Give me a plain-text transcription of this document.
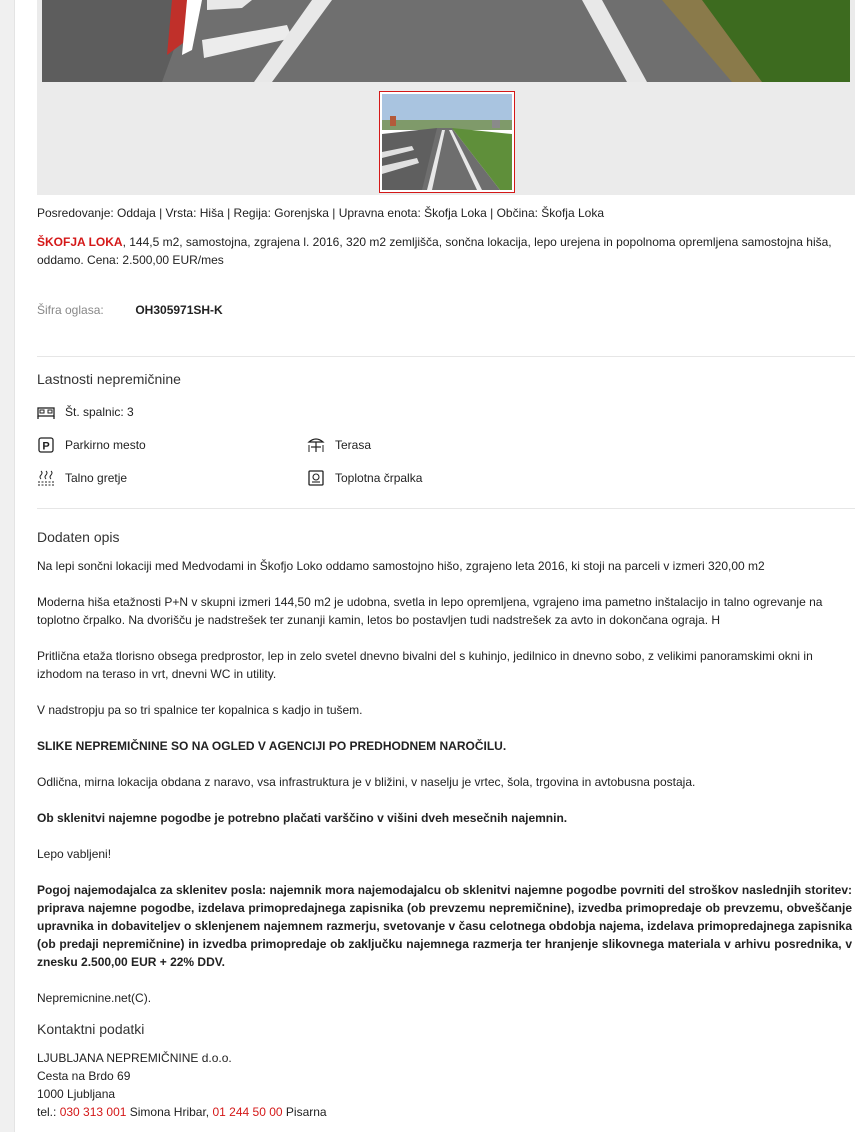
Posredovanje: Oddaja | Vrsta: Hiša | Regija: Gorenjska | Upravna enota: Škofja Loka | Občina: Škofja Loka
ŠKOFJA LOKA, 144,5 m2, samostojna, zgrajena l. 2016, 320 m2 zemljišča, sončna lokacija, lepo urejena in popolnoma opremljena samostojna hiša, oddamo. Cena: 2.500,00 EUR/mes
Šifra oglasa:	OH305971SH-K
Lastnosti nepremičnine
Št. spalnic: 3
P Parkirno mesto	Terasa
Talno gretje	Toplotna črpalka
Dodaten opis

Na lepi sončni lokaciji med Medvodami in Škofjo Loko oddamo samostojno hišo, zgrajeno leta 2016, ki stoji na parceli v izmeri 320,00 m2

Moderna hiša etažnosti P+N v skupni izmeri 144,50 m2 je udobna, svetla in lepo opremljena, vgrajeno ima pametno inštalacijo in talno ogrevanje na toplotno črpalko. Na dvorišču je nadstrešek ter zunanji kamin, letos bo postavljen tudi nadstrešek za avto in dokončana ograja. H

Pritlična etaža tlorisno obsega predprostor, lep in zelo svetel dnevno bivalni del s kuhinjo, jedilnico in dnevno sobo, z velikimi panoramskimi okni in izhodom na teraso in vrt, dnevni WC in utility.

V nadstropju pa so tri spalnice ter kopalnica s kadjo in tušem.

SLIKE NEPREMIČNINE SO NA OGLED V AGENCIJI PO PREDHODNEM NAROČILU.

Odlična, mirna lokacija obdana z naravo, vsa infrastruktura je v bližini, v naselju je vrtec, šola, trgovina in avtobusna postaja.

Ob sklenitvi najemne pogodbe je potrebno plačati varščino v višini dveh mesečnih najemnin.

Lepo vabljeni!

Pogoj najemodajalca za sklenitev posla: najemnik mora najemodajalcu ob sklenitvi najemne pogodbe povrniti del stroškov naslednjih storitev: priprava najemne pogodbe, izdelava primopredajnega zapisnika (ob prevzemu nepremičnine), izvedba primopredaje ob prevzemu, obveščanje upravnika in dobaviteljev o sklenjenem najemnem razmerju, svetovanje v času celotnega obdobja najema, izdelava primopredajnega zapisnika (ob predaji nepremičnine) in izvedba primopredaje ob zaključku najemnega razmerja ter hranjenje slikovnega materiala v arhivu posrednika, v znesku 2.500,00 EUR + 22% DDV.

Nepremicnine.net(C).

Kontaktni podatki
LJUBLJANA NEPREMIČNINE d.o.o.
Cesta na Brdo 69
1000 Ljubljana
tel.: 030 313 001 Simona Hribar, 01 244 50 00 Pisarna
